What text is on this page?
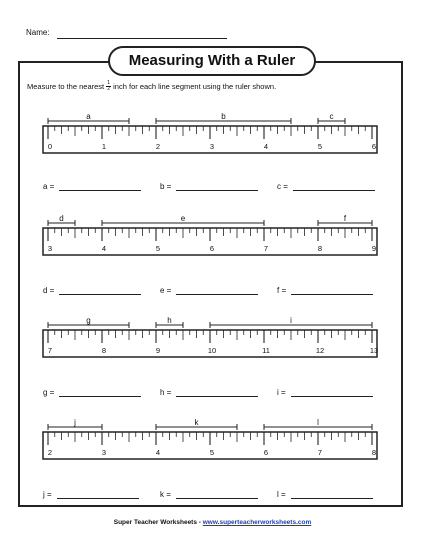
Name:
Measuring With a Ruler
Measure to the nearest $\frac{1}{2}$ inch for each line segment using the ruler shown.
0	1	2	3	4	5	6
a	b	c
3	4	5	6	7	8	9
d	e	f
7	8	9	10	11	12	13
g	h	i
2	3	4	5	6	7	8
j	k	l
a =	b =	c =
d =	e =	f =
g =	h =	i =
j =	k =	l =
Super Teacher Worksheets - www.superteacherworksheets.com
